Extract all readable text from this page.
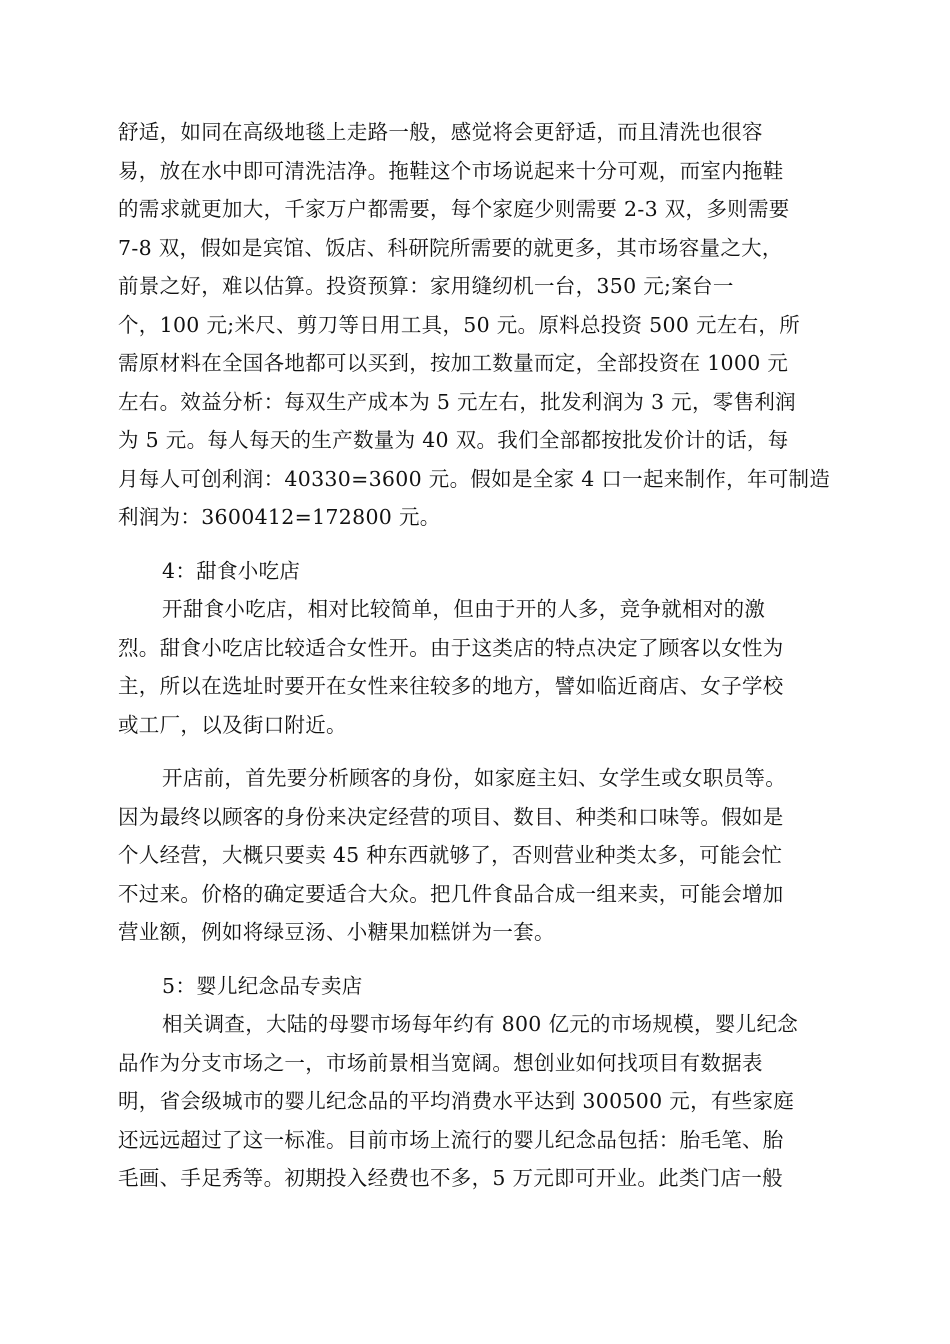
舒适，如同在高级地毯上走路一般，感觉将会更舒适，而且清洗也很容

易，放在水中即可清洗洁净。拖鞋这个市场说起来十分可观，而室内拖鞋

的需求就更加大，千家万户都需要，每个家庭少则需要 2-3 双，多则需要

7-8 双，假如是宾馆、饭店、科研院所需要的就更多，其市场容量之大，

前景之好，难以估算。投资预算：家用缝纫机一台，350 元;案台一

个，100 元;米尺、剪刀等日用工具，50 元。原料总投资 500 元左右，所

需原材料在全国各地都可以买到，按加工数量而定，全部投资在 1000 元

左右。效益分析：每双生产成本为 5 元左右，批发利润为 3 元，零售利润

为 5 元。每人每天的生产数量为 40 双。我们全部都按批发价计的话，每

月每人可创利润：40330=3600 元。假如是全家 4 口一起来制作，年可制造

利润为：3600412=172800 元。

4：甜食小吃店

开甜食小吃店，相对比较简单，但由于开的人多，竞争就相对的激

烈。甜食小吃店比较适合女性开。由于这类店的特点决定了顾客以女性为

主，所以在选址时要开在女性来往较多的地方，譬如临近商店、女子学校

或工厂，以及街口附近。

开店前，首先要分析顾客的身份，如家庭主妇、女学生或女职员等。

因为最终以顾客的身份来决定经营的项目、数目、种类和口味等。假如是

个人经营，大概只要卖 45 种东西就够了，否则营业种类太多，可能会忙

不过来。价格的确定要适合大众。把几件食品合成一组来卖，可能会增加

营业额，例如将绿豆汤、小糖果加糕饼为一套。

5：婴儿纪念品专卖店

相关调查，大陆的母婴市场每年约有 800 亿元的市场规模，婴儿纪念

品作为分支市场之一，市场前景相当宽阔。想创业如何找项目有数据表

明，省会级城市的婴儿纪念品的平均消费水平达到 300500 元，有些家庭

还远远超过了这一标准。目前市场上流行的婴儿纪念品包括：胎毛笔、胎

毛画、手足秀等。初期投入经费也不多，5 万元即可开业。此类门店一般
